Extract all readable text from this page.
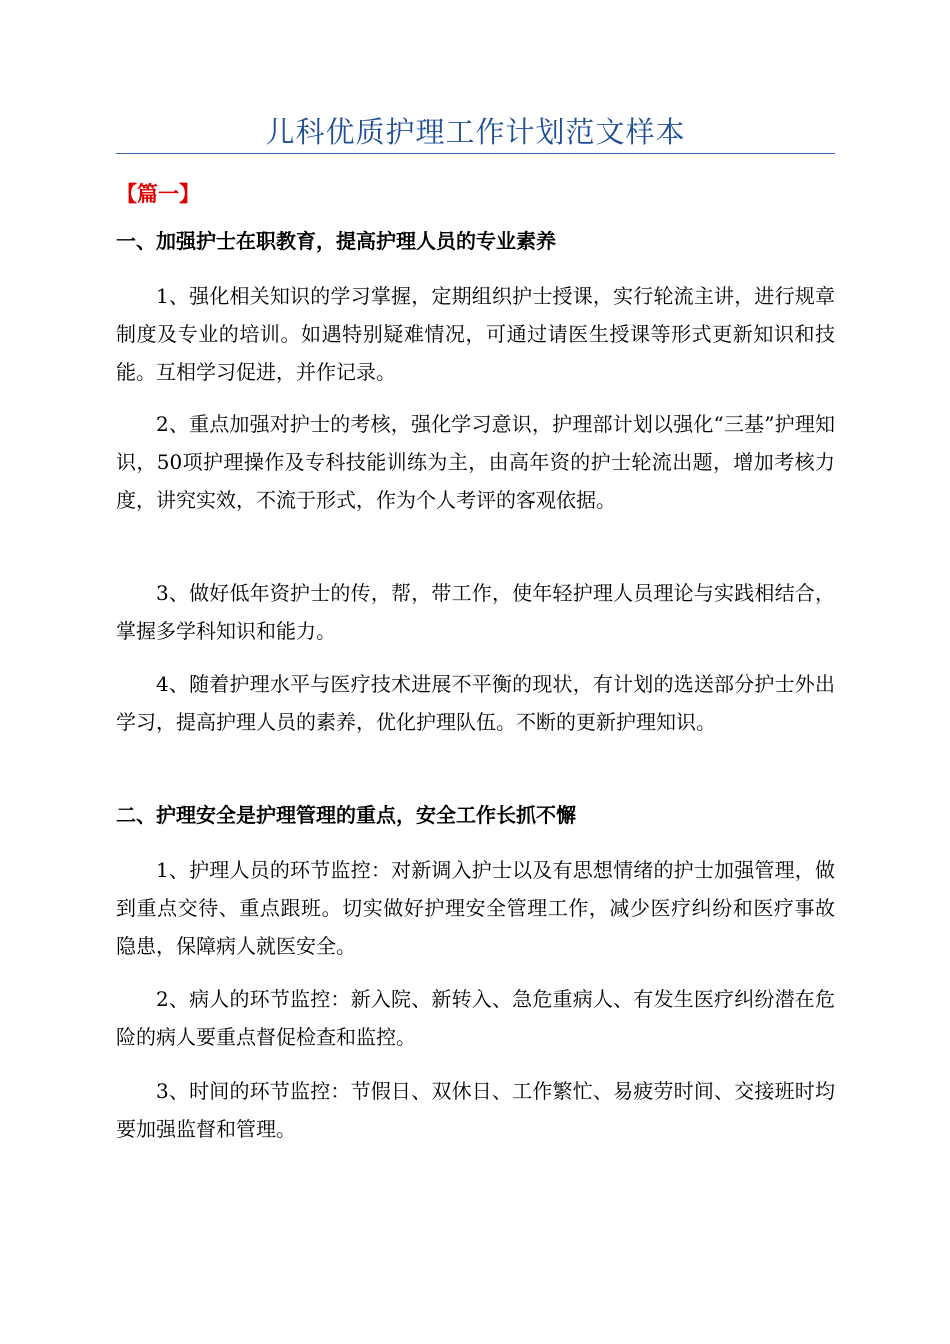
儿科优质护理工作计划范文样本
【篇一】
一、加强护士在职教育，提高护理人员的专业素养
1、强化相关知识的学习掌握，定期组织护士授课，实行轮流主讲，进行规章制度及专业的培训。如遇特别疑难情况，可通过请医生授课等形式更新知识和技能。互相学习促进，并作记录。
2、重点加强对护士的考核，强化学习意识，护理部计划以强化“三基”护理知识，50项护理操作及专科技能训练为主，由高年资的护士轮流出题，增加考核力度，讲究实效，不流于形式，作为个人考评的客观依据。
3、做好低年资护士的传，帮，带工作，使年轻护理人员理论与实践相结合，掌握多学科知识和能力。
4、随着护理水平与医疗技术进展不平衡的现状，有计划的选送部分护士外出学习，提高护理人员的素养，优化护理队伍。不断的更新护理知识。
二、护理安全是护理管理的重点，安全工作长抓不懈
1、护理人员的环节监控：对新调入护士以及有思想情绪的护士加强管理，做到重点交待、重点跟班。切实做好护理安全管理工作，减少医疗纠纷和医疗事故隐患，保障病人就医安全。
2、病人的环节监控：新入院、新转入、急危重病人、有发生医疗纠纷潜在危险的病人要重点督促检查和监控。
3、时间的环节监控：节假日、双休日、工作繁忙、易疲劳时间、交接班时均要加强监督和管理。
